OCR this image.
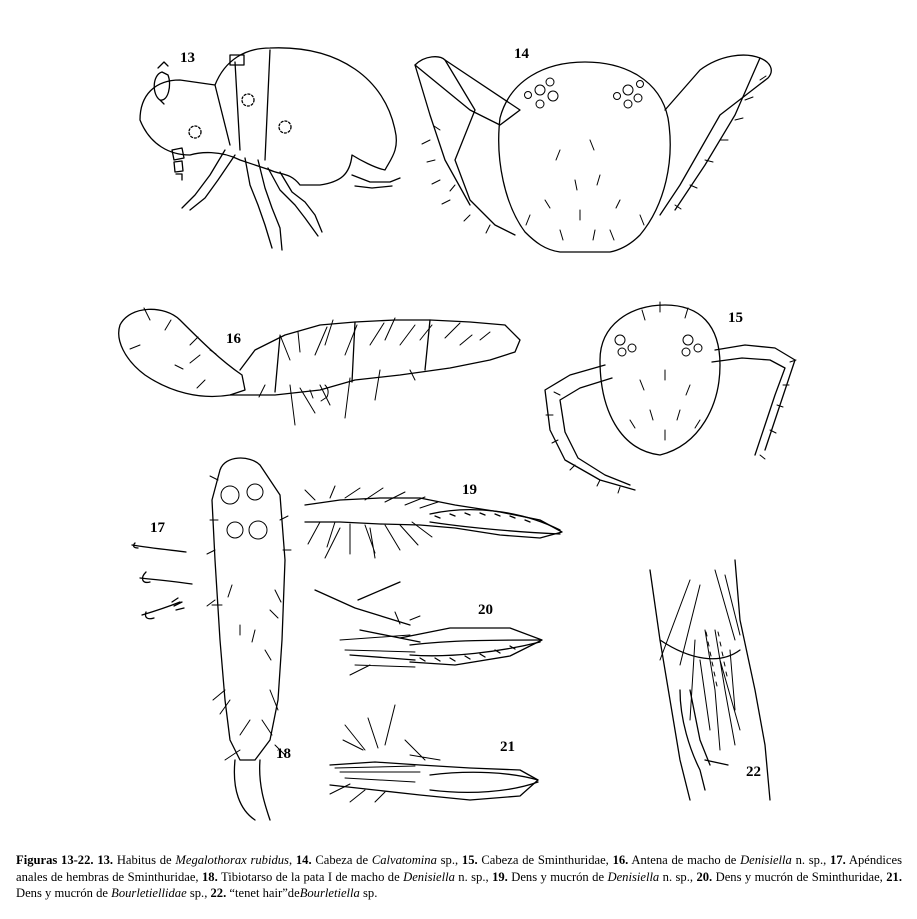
13	14
15
16
17
18
19
20
21
22
Figuras 13-22. 13. Habitus de Megalothorax rubidus, 14. Cabeza de Calvatomina sp., 15. Cabeza de Sminthuridae, 16. Antena de macho de Denisiella n. sp., 17. Apéndices anales de hembras de Sminthuridae, 18. Tibiotarso de la pata I de macho de Denisiella n. sp., 19. Dens y mucrón de Denisiella n. sp., 20. Dens y mucrón de Sminthuridae, 21. Dens y mucrón de Bourletiellidae sp., 22. “tenet hair”deBourletiella sp.
